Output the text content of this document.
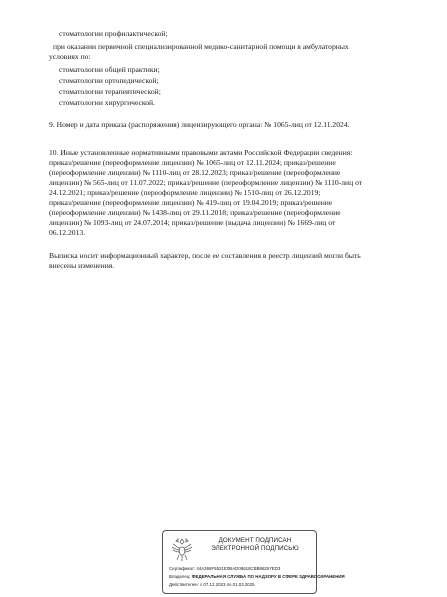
стоматологии профилактической;
при оказании первичной специализированной медико-санитарной помощи в амбулаторных
условиях по:
стоматологии общей практики;
стоматологии ортопедической;
стоматологии терапевтической;
стоматологии хирургической.
9. Номер и дата приказа (распоряжения) лицензирующего органа: № 1065-лиц от 12.11.2024.
10. Иные установленные нормативными правовыми актами Российской Федерации сведения:
приказ/решение (переоформление лицензии) № 1065-лиц от 12.11.2024; приказ/решение
(переоформление лицензии) № 1110-лиц от 28.12.2023; приказ/решение (переоформление
лицензии) № 565-лиц от 11.07.2022; приказ/решение (переоформление лицензии) № 1110-лиц от
24.12.2021; приказ/решение (переоформление лицензии) № 1510-лиц от 26.12.2019;
приказ/решение (переоформление лицензии) № 419-лиц от 19.04.2019; приказ/решение
(переоформление лицензии) № 1438-лиц от 29.11.2018; приказ/решение (переоформление
лицензии) № 1093-лиц от 24.07.2014; приказ/решение (выдача лицензии) № 1669-лиц от
06.12.2013.
Выписка носит информационный характер, после ее составления в реестр лицензий могли быть
внесены изменения.
ДОКУМЕНТ ПОДПИСАН
ЭЛЕКТРОННОЙ ПОДПИСЬЮ
Сертификат: 44A369F5521E0BAD08618CBB88257ED3
Владелец: ФЕДЕРАЛЬНАЯ СЛУЖБА ПО НАДЗОРУ В СФЕРЕ ЗДРАВООХРАНЕНИЯ
Действителен: с 07.12.2023 по 01.03.2025
